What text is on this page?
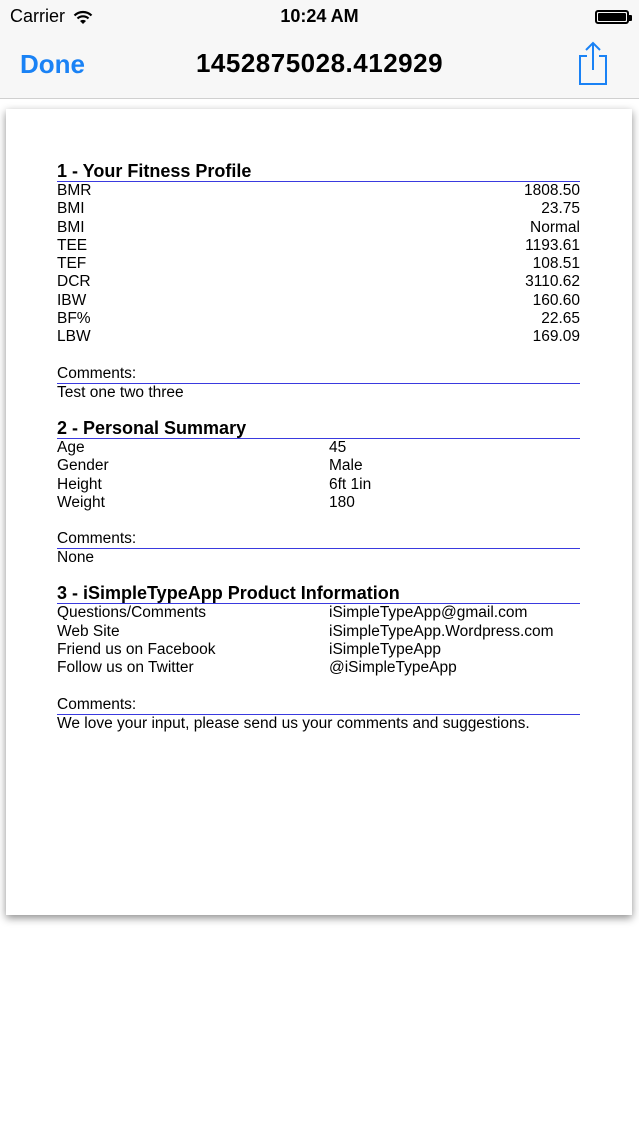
Carrier	10:24 AM
Done	1452875028.412929
1 - Your Fitness Profile
BMR	1808.50
BMI	23.75
BMI	Normal
TEE	1193.61
TEF	108.51
DCR	3110.62
IBW	160.60
BF%	22.65
LBW	169.09
Comments:
Test one two three
2 - Personal Summary
Age	45
Gender	Male
Height	6ft 1in
Weight	180
Comments:
None
3 - iSimpleTypeApp Product Information
Questions/Comments	iSimpleTypeApp@gmail.com
Web Site	iSimpleTypeApp.Wordpress.com
Friend us on Facebook	iSimpleTypeApp
Follow us on Twitter	@iSimpleTypeApp
Comments:
We love your input, please send us your comments and suggestions.
